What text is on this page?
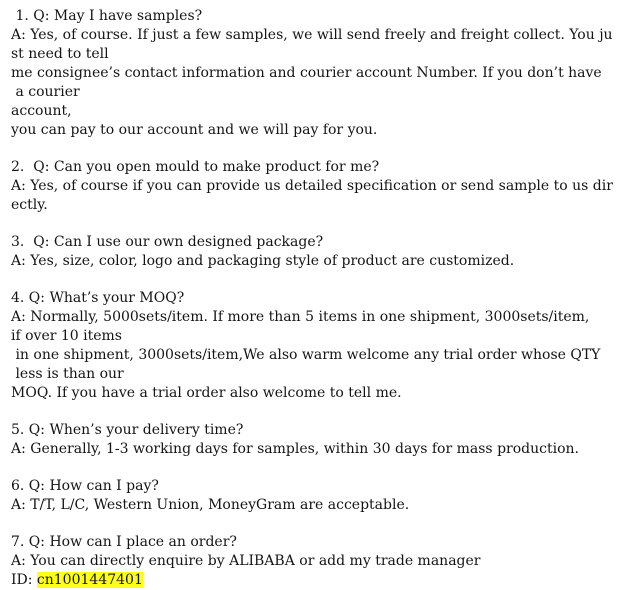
1. Q: May I have samples?
A: Yes, of course. If just a few samples, we will send freely and freight collect. You ju
st need to tell
me consignee’s contact information and courier account Number. If you don’t have
a courier
account,
you can pay to our account and we will pay for you.
2.  Q: Can you open mould to make product for me?
A: Yes, of course if you can provide us detailed specification or send sample to us dir
ectly.
3.  Q: Can I use our own designed package?
A: Yes, size, color, logo and packaging style of product are customized.
4. Q: What’s your MOQ?
A: Normally, 5000sets/item. If more than 5 items in one shipment, 3000sets/item,
if over 10 items
in one shipment, 3000sets/item,We also warm welcome any trial order whose QTY
less is than our
MOQ. If you have a trial order also welcome to tell me.
5. Q: When’s your delivery time?
A: Generally, 1-3 working days for samples, within 30 days for mass production.
6. Q: How can I pay?
A: T/T, L/C, Western Union, MoneyGram are acceptable.
7. Q: How can I place an order?
A: You can directly enquire by ALIBABA or add my trade manager
ID: cn1001447401
